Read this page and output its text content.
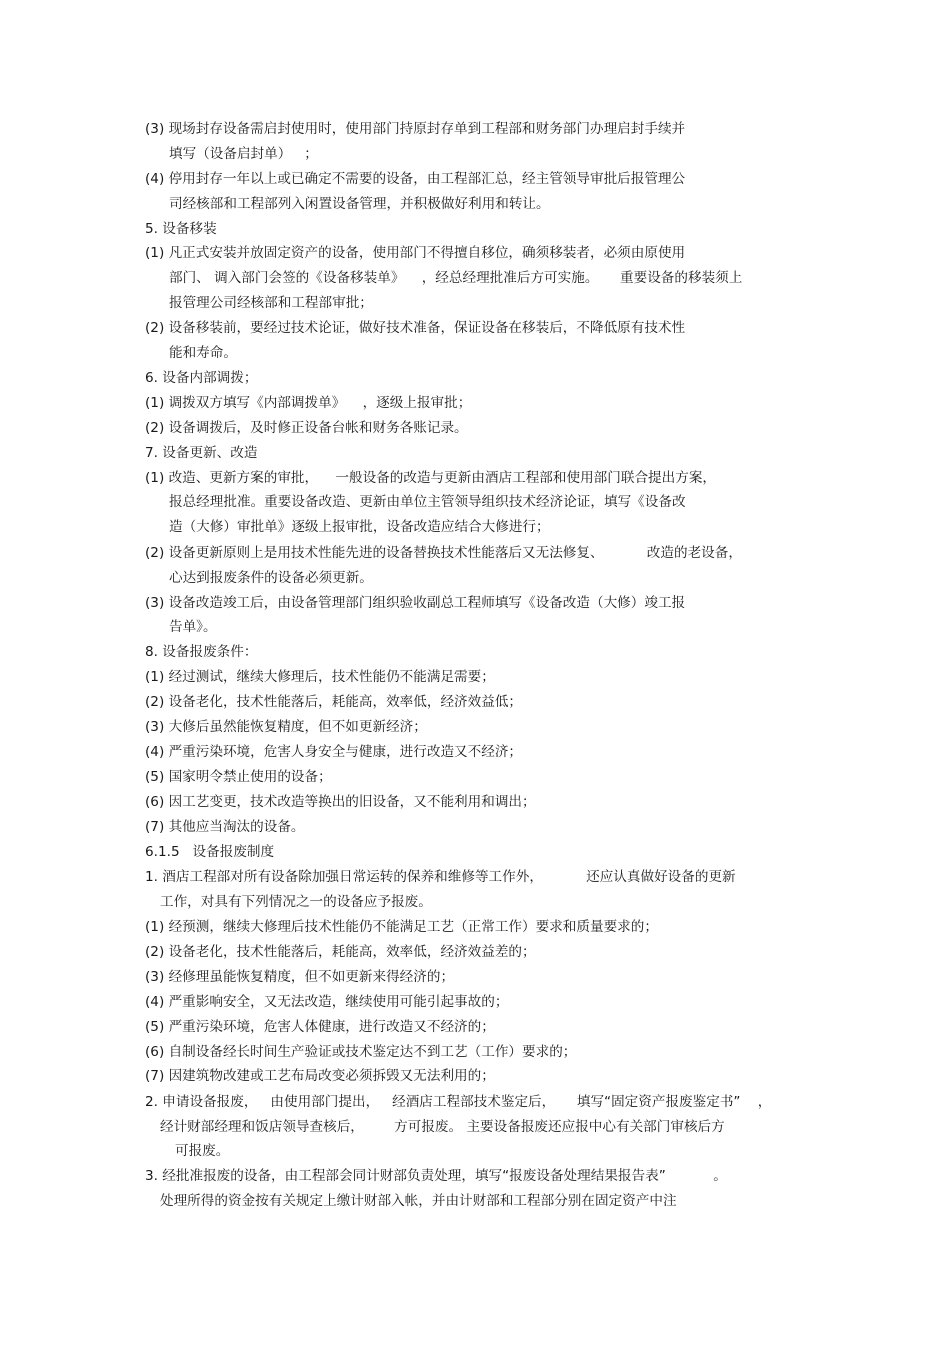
(3) 现场封存设备需启封使用时，使用部门持原封存单到工程部和财务部门办理启封手续并
填写（设备启封单）   ；
(4) 停用封存一年以上或已确定不需要的设备，由工程部汇总，经主管领导审批后报管理公
司经核部和工程部列入闲置设备管理，并积极做好利用和转让。
5. 设备移装
(1) 凡正式安装并放固定资产的设备，使用部门不得擅自移位，确须移装者，必须由原使用
部门、 调入部门会签的《设备移装单》    ，经总经理批准后方可实施。     重要设备的移装须上
报管理公司经核部和工程部审批；
(2) 设备移装前，要经过技术论证，做好技术准备，保证设备在移装后，不降低原有技术性
能和寿命。
6. 设备内部调拨；
(1) 调拨双方填写《内部调拨单》    ，逐级上报审批；
(2) 设备调拨后，及时修正设备台帐和财务各账记录。
7. 设备更新、改造
(1) 改造、更新方案的审批，    一般设备的改造与更新由酒店工程部和使用部门联合提出方案，
报总经理批准。重要设备改造、更新由单位主管领导组织技术经济论证，填写《设备改
造（大修）审批单》逐级上报审批，设备改造应结合大修进行；
(2) 设备更新原则上是用技术性能先进的设备替换技术性能落后又无法修复、          改造的老设备，
心达到报废条件的设备必须更新。
(3) 设备改造竣工后，由设备管理部门组织验收副总工程师填写《设备改造（大修）竣工报
告单》。
8. 设备报废条件：
(1) 经过测试，继续大修理后，技术性能仍不能满足需要；
(2) 设备老化，技术性能落后，耗能高，效率低，经济效益低；
(3) 大修后虽然能恢复精度，但不如更新经济；
(4) 严重污染环境，危害人身安全与健康，进行改造又不经济；
(5) 国家明令禁止使用的设备；
(6) 因工艺变更，技术改造等换出的旧设备，又不能利用和调出；
(7) 其他应当淘汰的设备。
6.1.5   设备报废制度
1. 酒店工程部对所有设备除加强日常运转的保养和维修等工作外，          还应认真做好设备的更新
工作，对具有下列情况之一的设备应予报废。
(1) 经预测，继续大修理后技术性能仍不能满足工艺（正常工作）要求和质量要求的；
(2) 设备老化，技术性能落后，耗能高，效率低，经济效益差的；
(3) 经修理虽能恢复精度，但不如更新来得经济的；
(4) 严重影响安全，又无法改造，继续使用可能引起事故的；
(5) 严重污染环境，危害人体健康，进行改造又不经济的；
(6) 自制设备经长时间生产验证或技术鉴定达不到工艺（工作）要求的；
(7) 因建筑物改建或工艺布局改变必须拆毁又无法利用的；
2. 申请设备报废，   由使用部门提出，   经酒店工程部技术鉴定后，     填写“固定资产报废鉴定书”    ，
经计财部经理和饭店领导查核后，       方可报废。 主要设备报废还应报中心有关部门审核后方
可报废。
3. 经批准报废的设备，由工程部会同计财部负责处理，填写“报废设备处理结果报告表”           。
处理所得的资金按有关规定上缴计财部入帐，并由计财部和工程部分别在固定资产中注
